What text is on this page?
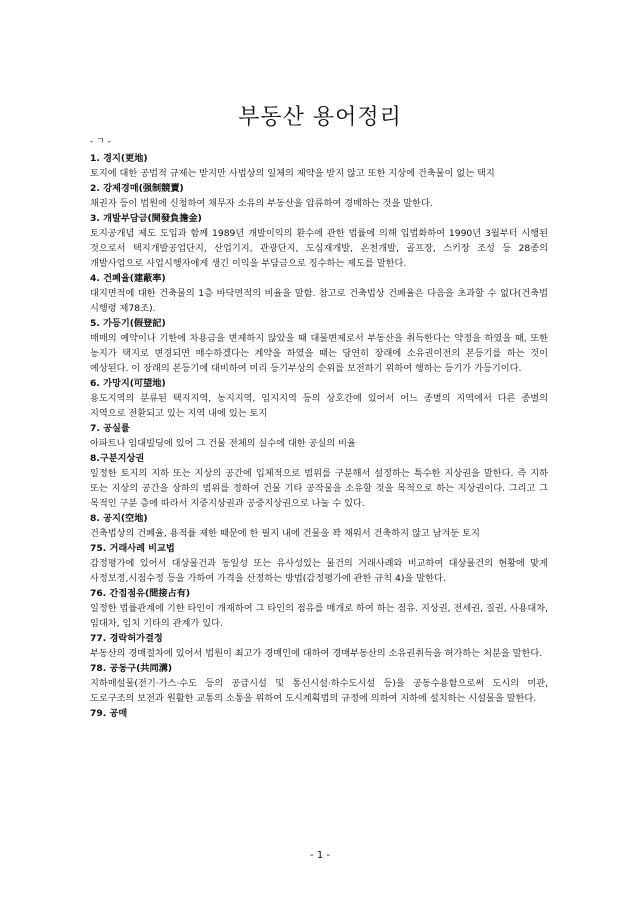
부동산 용어정리
- ㄱ -
1. 경지(更地)
토지에 대한 공법적 규제는 받지만 사법상의 일체의 제약을 받지 않고 또한 지상에 건축물이 없는 택지
2. 강제경매(强制競賣)
채권자 등이 법원에 신청하여 채무자 소유의 부동산을 압류하여 경매하는 것을 말한다.
3. 개발부담금(開發負擔金)
토지공개념 제도 도입과 함께 1989년 개발이익의 환수에 관한 법률에 의해 입법화하여 1990년 3월부터 시행된 것으로서 택지개발공업단지, 산업기지, 관광단지, 도심재개발, 온천개발, 골프장, 스키장 조성 등 28종의 개발사업으로 사업시행자에게 생긴 이익을 부담금으로 징수하는 제도를 말한다.
4. 건폐율(建蔽率)
대지면적에 대한 건축물의 1층 바닥면적의 비율을 말함. 참고로 건축법상 건폐율은 다음을 초과할 수 없다(건축법 시행령 제78조).
5. 가등기(假登記)
매매의 예약이나 기한에 차용금을 변제하지 않았을 때 대물변제로서 부동산을 취득한다는 약정을 하였을 때, 또한 농지가 택지로 변경되면 매수하겠다는 계약을 하였을 때는 당연히 장래에 소유권이전의 본등기를 하는 것이 예상된다. 이 장래의 본등기에 대비하여 미리 등기부상의 순위를 보전하기 위하여 행하는 등기가 가등기이다.
6. 가망지(可望地)
용도지역의 분류된 택지지역, 농지지역, 임지지역 등의 상호간에 있어서 어느 종별의 지역에서 다른 종별의 지역으로 전환되고 있는 지역 내에 있는 토지
7. 공실률
아파트나 임대빌딩에 있어 그 건물 전체의 실수에 대한 공실의 비율
8.구분지상권
일정한 토지의 지하 또는 지상의 공간에 입체적으로 범위를 구분해서 설정하는 특수한 지상권을 말한다. 즉 지하 또는 지상의 공간을 상하의 범위를 정하여 건물 기타 공작물을 소유할 것을 목적으로 하는 지상권이다. 그리고 그 목적인 구분 층에 따라서 지중지상권과 공중지상권으로 나눌 수 있다.
8. 공지(空地)
건축법상의 건폐율, 용적률 제한 때문에 한 필지 내에 건물을 꽉 채워서 건축하지 않고 남겨둔 토지
75. 거래사례 비교법
감정평가에 있어서 대상물건과 동일성 또는 유사성있는 물건의 거래사례와 비교하여 대상물건의 현황에 맞게 사정보정,시점수정 등을 가하여 가격을 산정하는 방법(감정평가에 관한 규칙 4)을 말한다.
76. 간접점유(間接占有)
일정한 법률관계에 기한 타인이 개재하여 그 타인의 점유를 매개로 하여 하는 점유. 지상권, 전세권, 질권, 사용대차, 임대차, 임치 기타의 관계가 있다.
77. 경락허가결정
부동산의 경매절차에 있어서 법원이 최고가 경매인에 대하여 경매부동산의 소유권취득을 허가하는 처분을 말한다.
78. 공동구(共同溝)
지하매설물(전기·가스·수도 등의 공급시설 및 통신시설·하수도시설 등)을 공동수용함으로써 도시의 미관, 도로구조의 보전과 원활한 교통의 소통을 위하여 도시계획법의 규정에 의하여 지하에 설치하는 시설물을 말한다.
79. 공매
- 1 -
